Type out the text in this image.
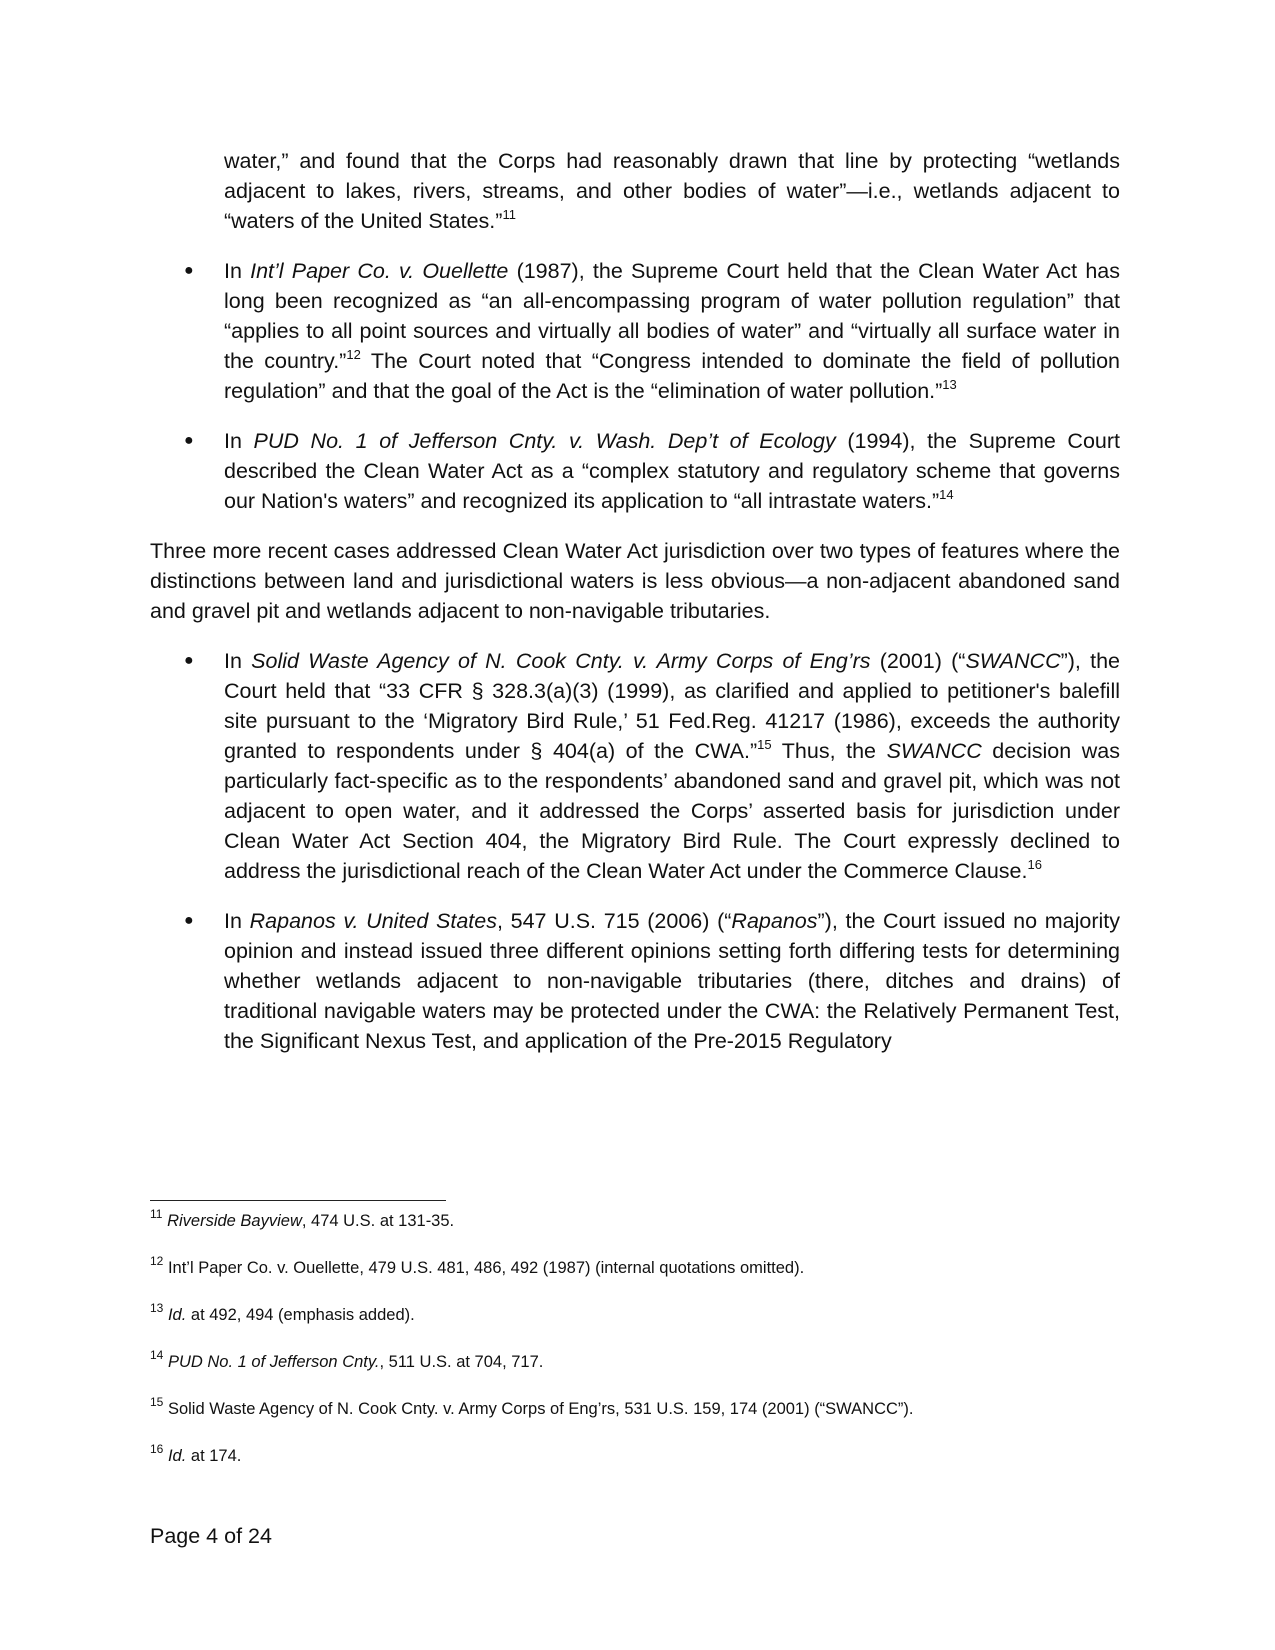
water,” and found that the Corps had reasonably drawn that line by protecting “wetlands adjacent to lakes, rivers, streams, and other bodies of water”—i.e., wetlands adjacent to “waters of the United States.”$^{11}$

● In Int’l Paper Co. v. Ouellette (1987), the Supreme Court held that the Clean Water Act has long been recognized as “an all-encompassing program of water pollution regulation” that “applies to all point sources and virtually all bodies of water” and “virtually all surface water in the country.”$^{12}$ The Court noted that “Congress intended to dominate the field of pollution regulation” and that the goal of the Act is the “elimination of water pollution.”$^{13}$
● In PUD No. 1 of Jefferson Cnty. v. Wash. Dep’t of Ecology (1994), the Supreme Court described the Clean Water Act as a “complex statutory and regulatory scheme that governs our Nation's waters” and recognized its application to “all intrastate waters.”$^{14}$

Three more recent cases addressed Clean Water Act jurisdiction over two types of features where the distinctions between land and jurisdictional waters is less obvious—a non-adjacent abandoned sand and gravel pit and wetlands adjacent to non-navigable tributaries.

● In Solid Waste Agency of N. Cook Cnty. v. Army Corps of Eng’rs (2001) (“SWANCC”), the Court held that “33 CFR § 328.3(a)(3) (1999), as clarified and applied to petitioner's balefill site pursuant to the ‘Migratory Bird Rule,’ 51 Fed.Reg. 41217 (1986), exceeds the authority granted to respondents under § 404(a) of the CWA.”$^{15}$ Thus, the SWANCC decision was particularly fact-specific as to the respondents’ abandoned sand and gravel pit, which was not adjacent to open water, and it addressed the Corps’ asserted basis for jurisdiction under Clean Water Act Section 404, the Migratory Bird Rule. The Court expressly declined to address the jurisdictional reach of the Clean Water Act under the Commerce Clause.$^{16}$
● In Rapanos v. United States, 547 U.S. 715 (2006) (“Rapanos”), the Court issued no majority opinion and instead issued three different opinions setting forth differing tests for determining whether wetlands adjacent to non-navigable tributaries (there, ditches and drains) of traditional navigable waters may be protected under the CWA: the Relatively Permanent Test, the Significant Nexus Test, and application of the Pre-2015 Regulatory
$^{11}$ Riverside Bayview, 474 U.S. at 131-35.
$^{12}$ Int’l Paper Co. v. Ouellette, 479 U.S. 481, 486, 492 (1987) (internal quotations omitted).
$^{13}$ Id. at 492, 494 (emphasis added).
$^{14}$ PUD No. 1 of Jefferson Cnty., 511 U.S. at 704, 717.
$^{15}$ Solid Waste Agency of N. Cook Cnty. v. Army Corps of Eng’rs, 531 U.S. 159, 174 (2001) (“SWANCC”).
$^{16}$ Id. at 174.
Page 4 of 24
